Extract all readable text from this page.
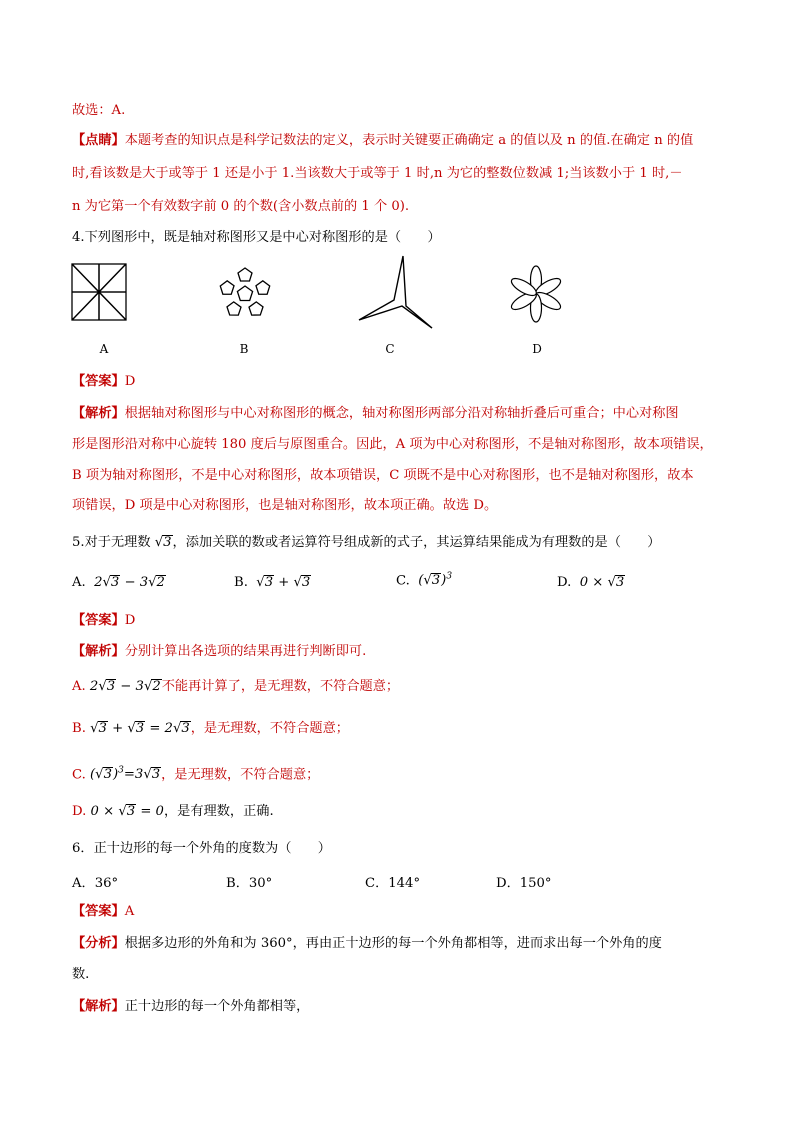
故选：A.
【点睛】本题考查的知识点是科学记数法的定义，表示时关键要正确确定 a 的值以及 n 的值.在确定 n 的值
时,看该数是大于或等于 1 还是小于 1.当该数大于或等于 1 时,n 为它的整数位数减 1;当该数小于 1 时,－
n 为它第一个有效数字前 0 的个数(含小数点前的 1 个 0).
4.下列图形中，既是轴对称图形又是中心对称图形的是（　　）
A	B	C	D
【答案】D
【解析】根据轴对称图形与中心对称图形的概念，轴对称图形两部分沿对称轴折叠后可重合；中心对称图
形是图形沿对称中心旋转 180 度后与原图重合。因此，A 项为中心对称图形，不是轴对称图形，故本项错误，
B 项为轴对称图形，不是中心对称图形，故本项错误，C 项既不是中心对称图形，也不是轴对称图形，故本
项错误，D 项是中心对称图形，也是轴对称图形，故本项正确。故选 D。
5.对于无理数 √3，添加关联的数或者运算符号组成新的式子，其运算结果能成为有理数的是（　　）
A. 2√3 − 3√2	B. √3 + √3	C. $(√3)^3$	D. 0 × √3
【答案】D
【解析】分别计算出各选项的结果再进行判断即可.
A. 2√3 − 3√2不能再计算了，是无理数，不符合题意；
B. √3 + √3 = 2√3，是无理数，不符合题意；
C. $(√3)^3=3√3$，是无理数，不符合题意；
D. 0 × √3 = 0，是有理数，正确.
6．正十边形的每一个外角的度数为（　　）
A．36°	B．30°	C．144°	D．150°
【答案】A
【分析】根据多边形的外角和为 360°，再由正十边形的每一个外角都相等，进而求出每一个外角的度
数.
【解析】正十边形的每一个外角都相等，
